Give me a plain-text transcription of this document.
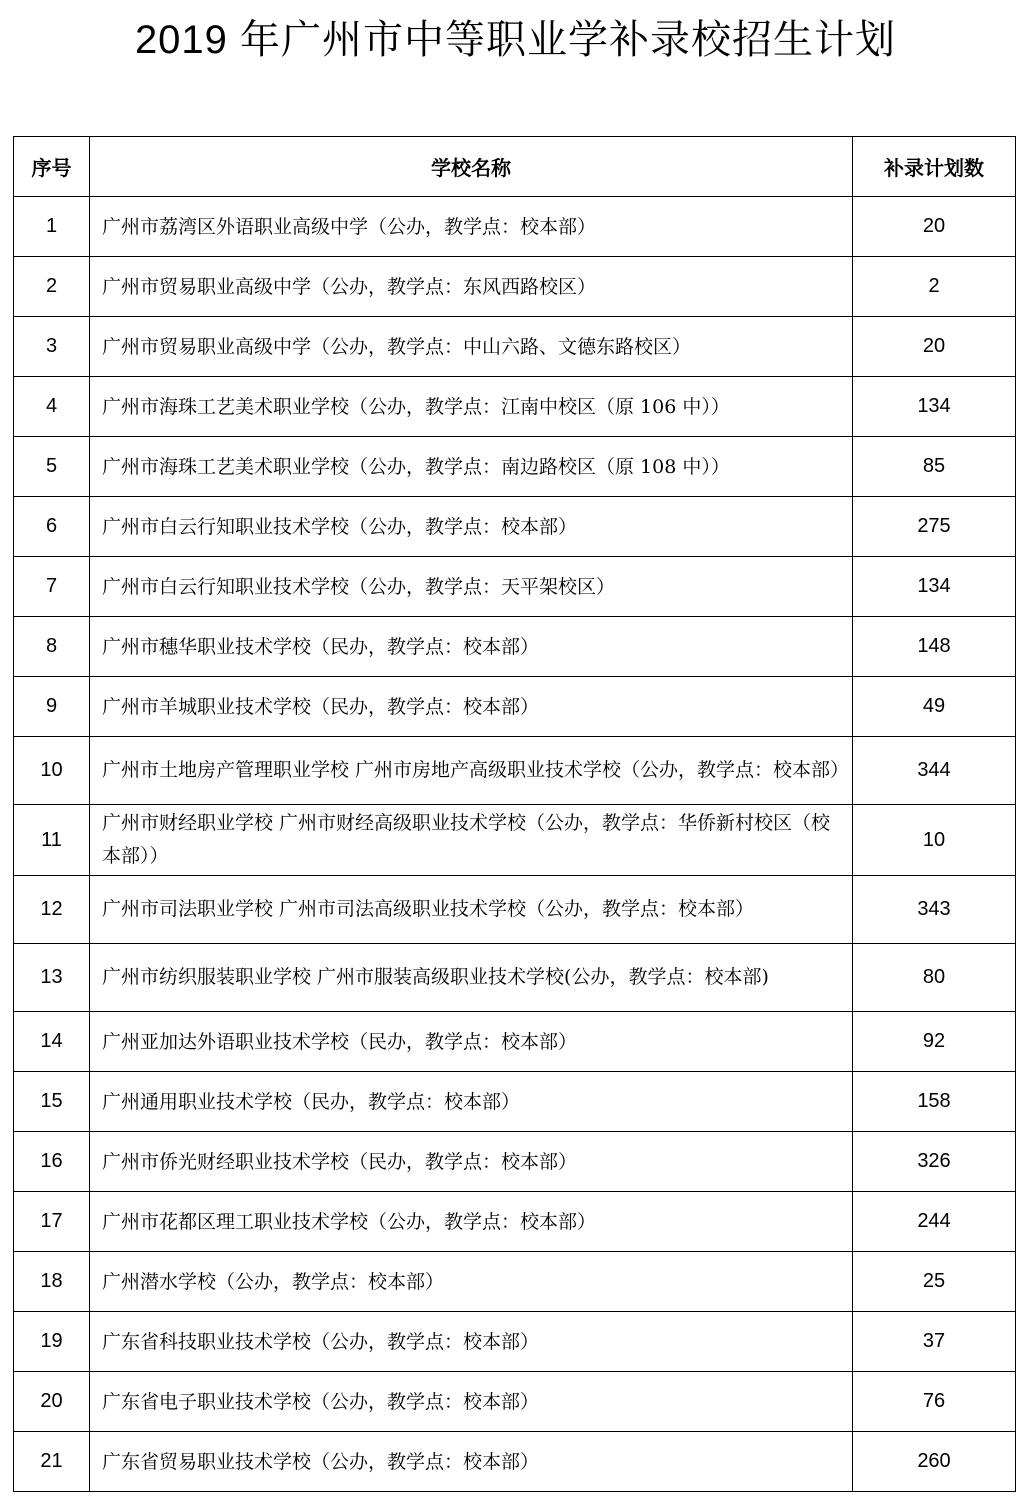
2019 年广州市中等职业学补录校招生计划
序号	学校名称	补录计划数
1	广州市荔湾区外语职业高级中学（公办，教学点：校本部）	20
2	广州市贸易职业高级中学（公办，教学点：东风西路校区）	2
3	广州市贸易职业高级中学（公办，教学点：中山六路、文德东路校区）	20
4	广州市海珠工艺美术职业学校（公办，教学点：江南中校区（原 106 中））	134
5	广州市海珠工艺美术职业学校（公办，教学点：南边路校区（原 108 中））	85
6	广州市白云行知职业技术学校（公办，教学点：校本部）	275
7	广州市白云行知职业技术学校（公办，教学点：天平架校区）	134
8	广州市穗华职业技术学校（民办，教学点：校本部）	148
9	广州市羊城职业技术学校（民办，教学点：校本部）	49
10	广州市土地房产管理职业学校 广州市房地产高级职业技术学校（公办，教学点：校本部）	344
11	广州市财经职业学校 广州市财经高级职业技术学校（公办，教学点：华侨新村校区（校本部））	10
12	广州市司法职业学校 广州市司法高级职业技术学校（公办，教学点：校本部）	343
13	广州市纺织服装职业学校 广州市服装高级职业技术学校(公办，教学点：校本部)	80
14	广州亚加达外语职业技术学校（民办，教学点：校本部）	92
15	广州通用职业技术学校（民办，教学点：校本部）	158
16	广州市侨光财经职业技术学校（民办，教学点：校本部）	326
17	广州市花都区理工职业技术学校（公办，教学点：校本部）	244
18	广州潜水学校（公办，教学点：校本部）	25
19	广东省科技职业技术学校（公办，教学点：校本部）	37
20	广东省电子职业技术学校（公办，教学点：校本部）	76
21	广东省贸易职业技术学校（公办，教学点：校本部）	260
